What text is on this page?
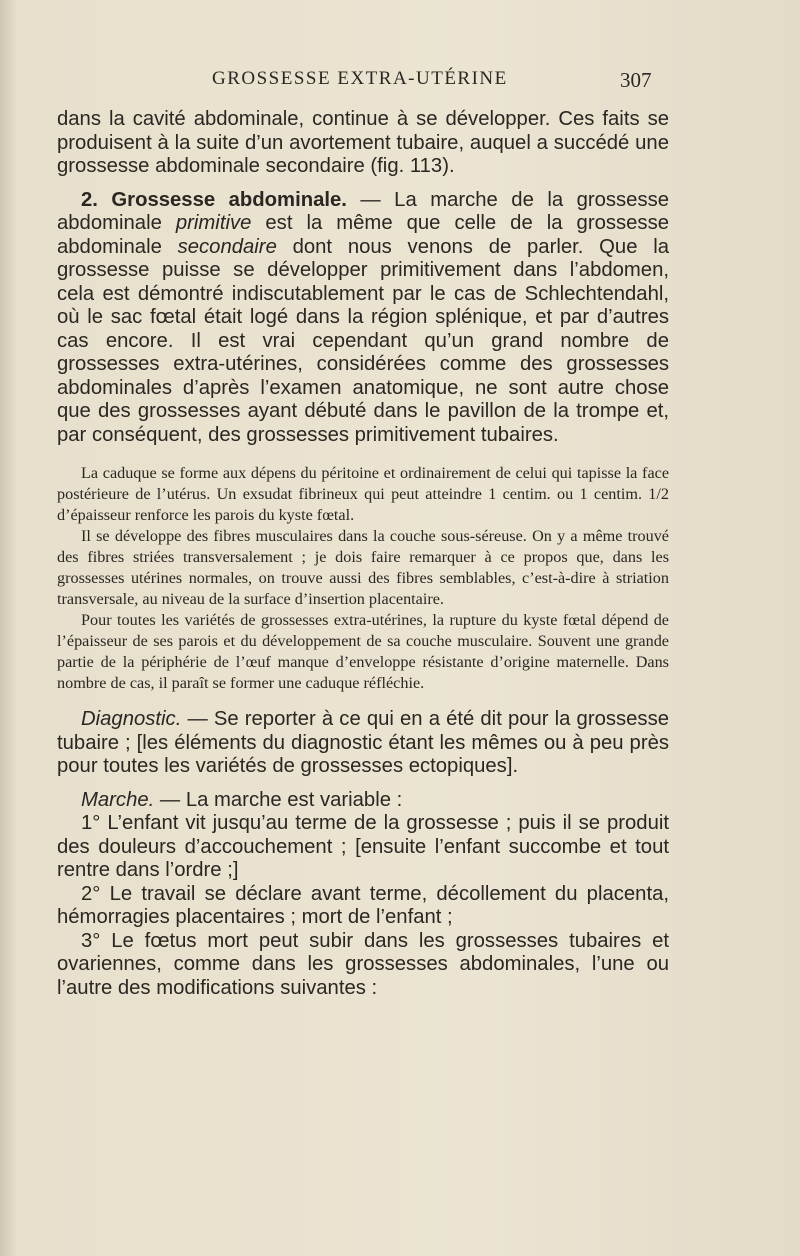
GROSSESSE EXTRA-UTÉRINE	307

dans la cavité abdominale, continue à se développer. Ces faits se produisent à la suite d’un avortement tubaire, auquel a succédé une grossesse abdominale secondaire (fig. 113).

2. Grossesse abdominale. — La marche de la grossesse abdominale primitive est la même que celle de la grossesse abdominale secondaire dont nous venons de parler. Que la grossesse puisse se développer primitivement dans l’abdomen, cela est démontré indiscutablement par le cas de Schlechtendahl, où le sac fœtal était logé dans la région splénique, et par d’autres cas encore. Il est vrai cependant qu’un grand nombre de grossesses extra-utérines, considérées comme des grossesses abdominales d’après l’examen anatomique, ne sont autre chose que des grossesses ayant débuté dans le pavillon de la trompe et, par conséquent, des grossesses primitivement tubaires.

La caduque se forme aux dépens du péritoine et ordinairement de celui qui tapisse la face postérieure de l’utérus. Un exsudat fibrineux qui peut atteindre 1 centim. ou 1 centim. 1/2 d’épaisseur renforce les parois du kyste fœtal.

Il se développe des fibres musculaires dans la couche sous-séreuse. On y a même trouvé des fibres striées transversalement ; je dois faire remarquer à ce propos que, dans les grossesses utérines normales, on trouve aussi des fibres semblables, c’est-à-dire à striation transversale, au niveau de la surface d’insertion placentaire.

Pour toutes les variétés de grossesses extra-utérines, la rupture du kyste fœtal dépend de l’épaisseur de ses parois et du développement de sa couche musculaire. Souvent une grande partie de la périphérie de l’œuf manque d’enveloppe résistante d’origine maternelle. Dans nombre de cas, il paraît se former une caduque réfléchie.

Diagnostic. — Se reporter à ce qui en a été dit pour la grossesse tubaire ; [les éléments du diagnostic étant les mêmes ou à peu près pour toutes les variétés de grossesses ectopiques].

Marche. — La marche est variable :

1° L’enfant vit jusqu’au terme de la grossesse ; puis il se produit des douleurs d’accouchement ; [ensuite l’enfant succombe et tout rentre dans l’ordre ;]

2° Le travail se déclare avant terme, décollement du placenta, hémorragies placentaires ; mort de l’enfant ;

3° Le fœtus mort peut subir dans les grossesses tubaires et ovariennes, comme dans les grossesses abdominales, l’une ou l’autre des modifications suivantes :
